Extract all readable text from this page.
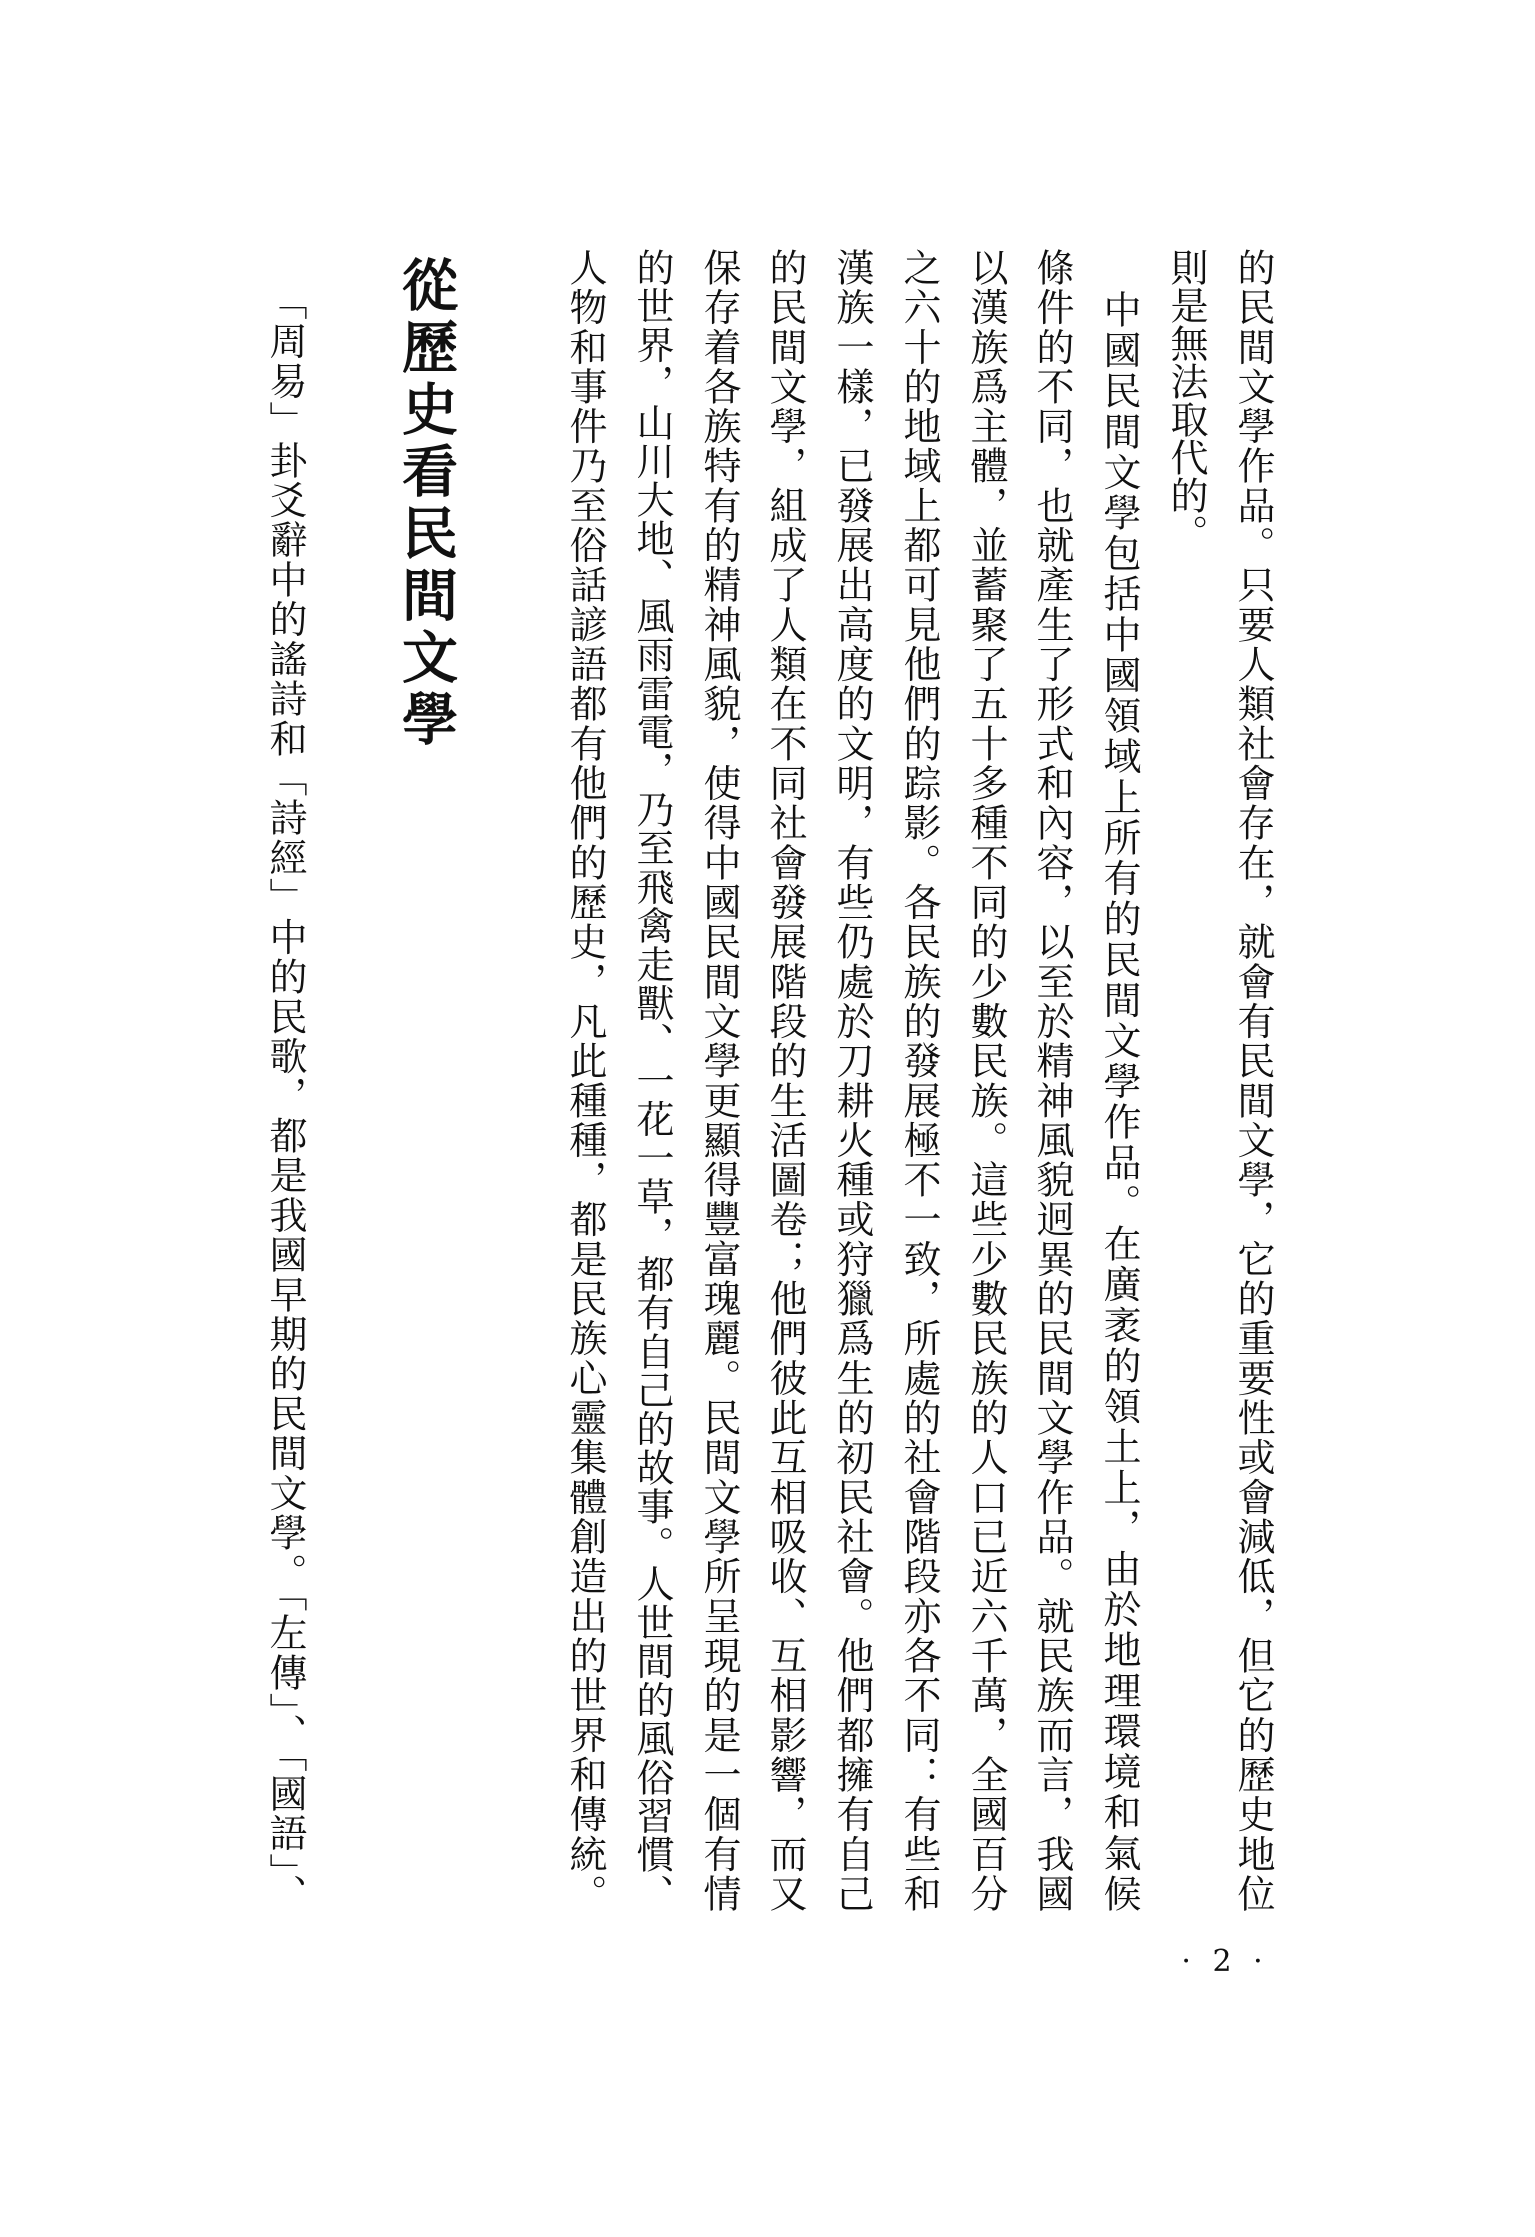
的民間文學作品。只要人類社會存在，就會有民間文學，它的重要性或會減低，但它的歷史地位
則是無法取代的。
中國民間文學包括中國領域上所有的民間文學作品。在廣袤的領土上，由於地理環境和氣候
條件的不同，也就產生了形式和內容，以至於精神風貌迥異的民間文學作品。就民族而言，我國
以漢族爲主體，並蓄聚了五十多種不同的少數民族。這些少數民族的人口已近六千萬，全國百分
之六十的地域上都可見他們的踪影。各民族的發展極不一致，所處的社會階段亦各不同：有些和
漢族一樣，已發展出高度的文明，有些仍處於刀耕火種或狩獵爲生的初民社會。他們都擁有自己
的民間文學，組成了人類在不同社會發展階段的生活圖卷；他們彼此互相吸收、互相影響，而又
保存着各族特有的精神風貌，使得中國民間文學更顯得豐富瑰麗。民間文學所呈現的是一個有情
的世界，山川大地、風雨雷電，乃至飛禽走獸、一花一草，都有自己的故事。人世間的風俗習慣、
人物和事件乃至俗話諺語都有他們的歷史，凡此種種，都是民族心靈集體創造出的世界和傳統。
從歷史看民間文學
「周易」卦爻辭中的謠詩和「詩經」中的民歌，都是我國早期的民間文學。「左傳」、「國語」、
· 2 ·
